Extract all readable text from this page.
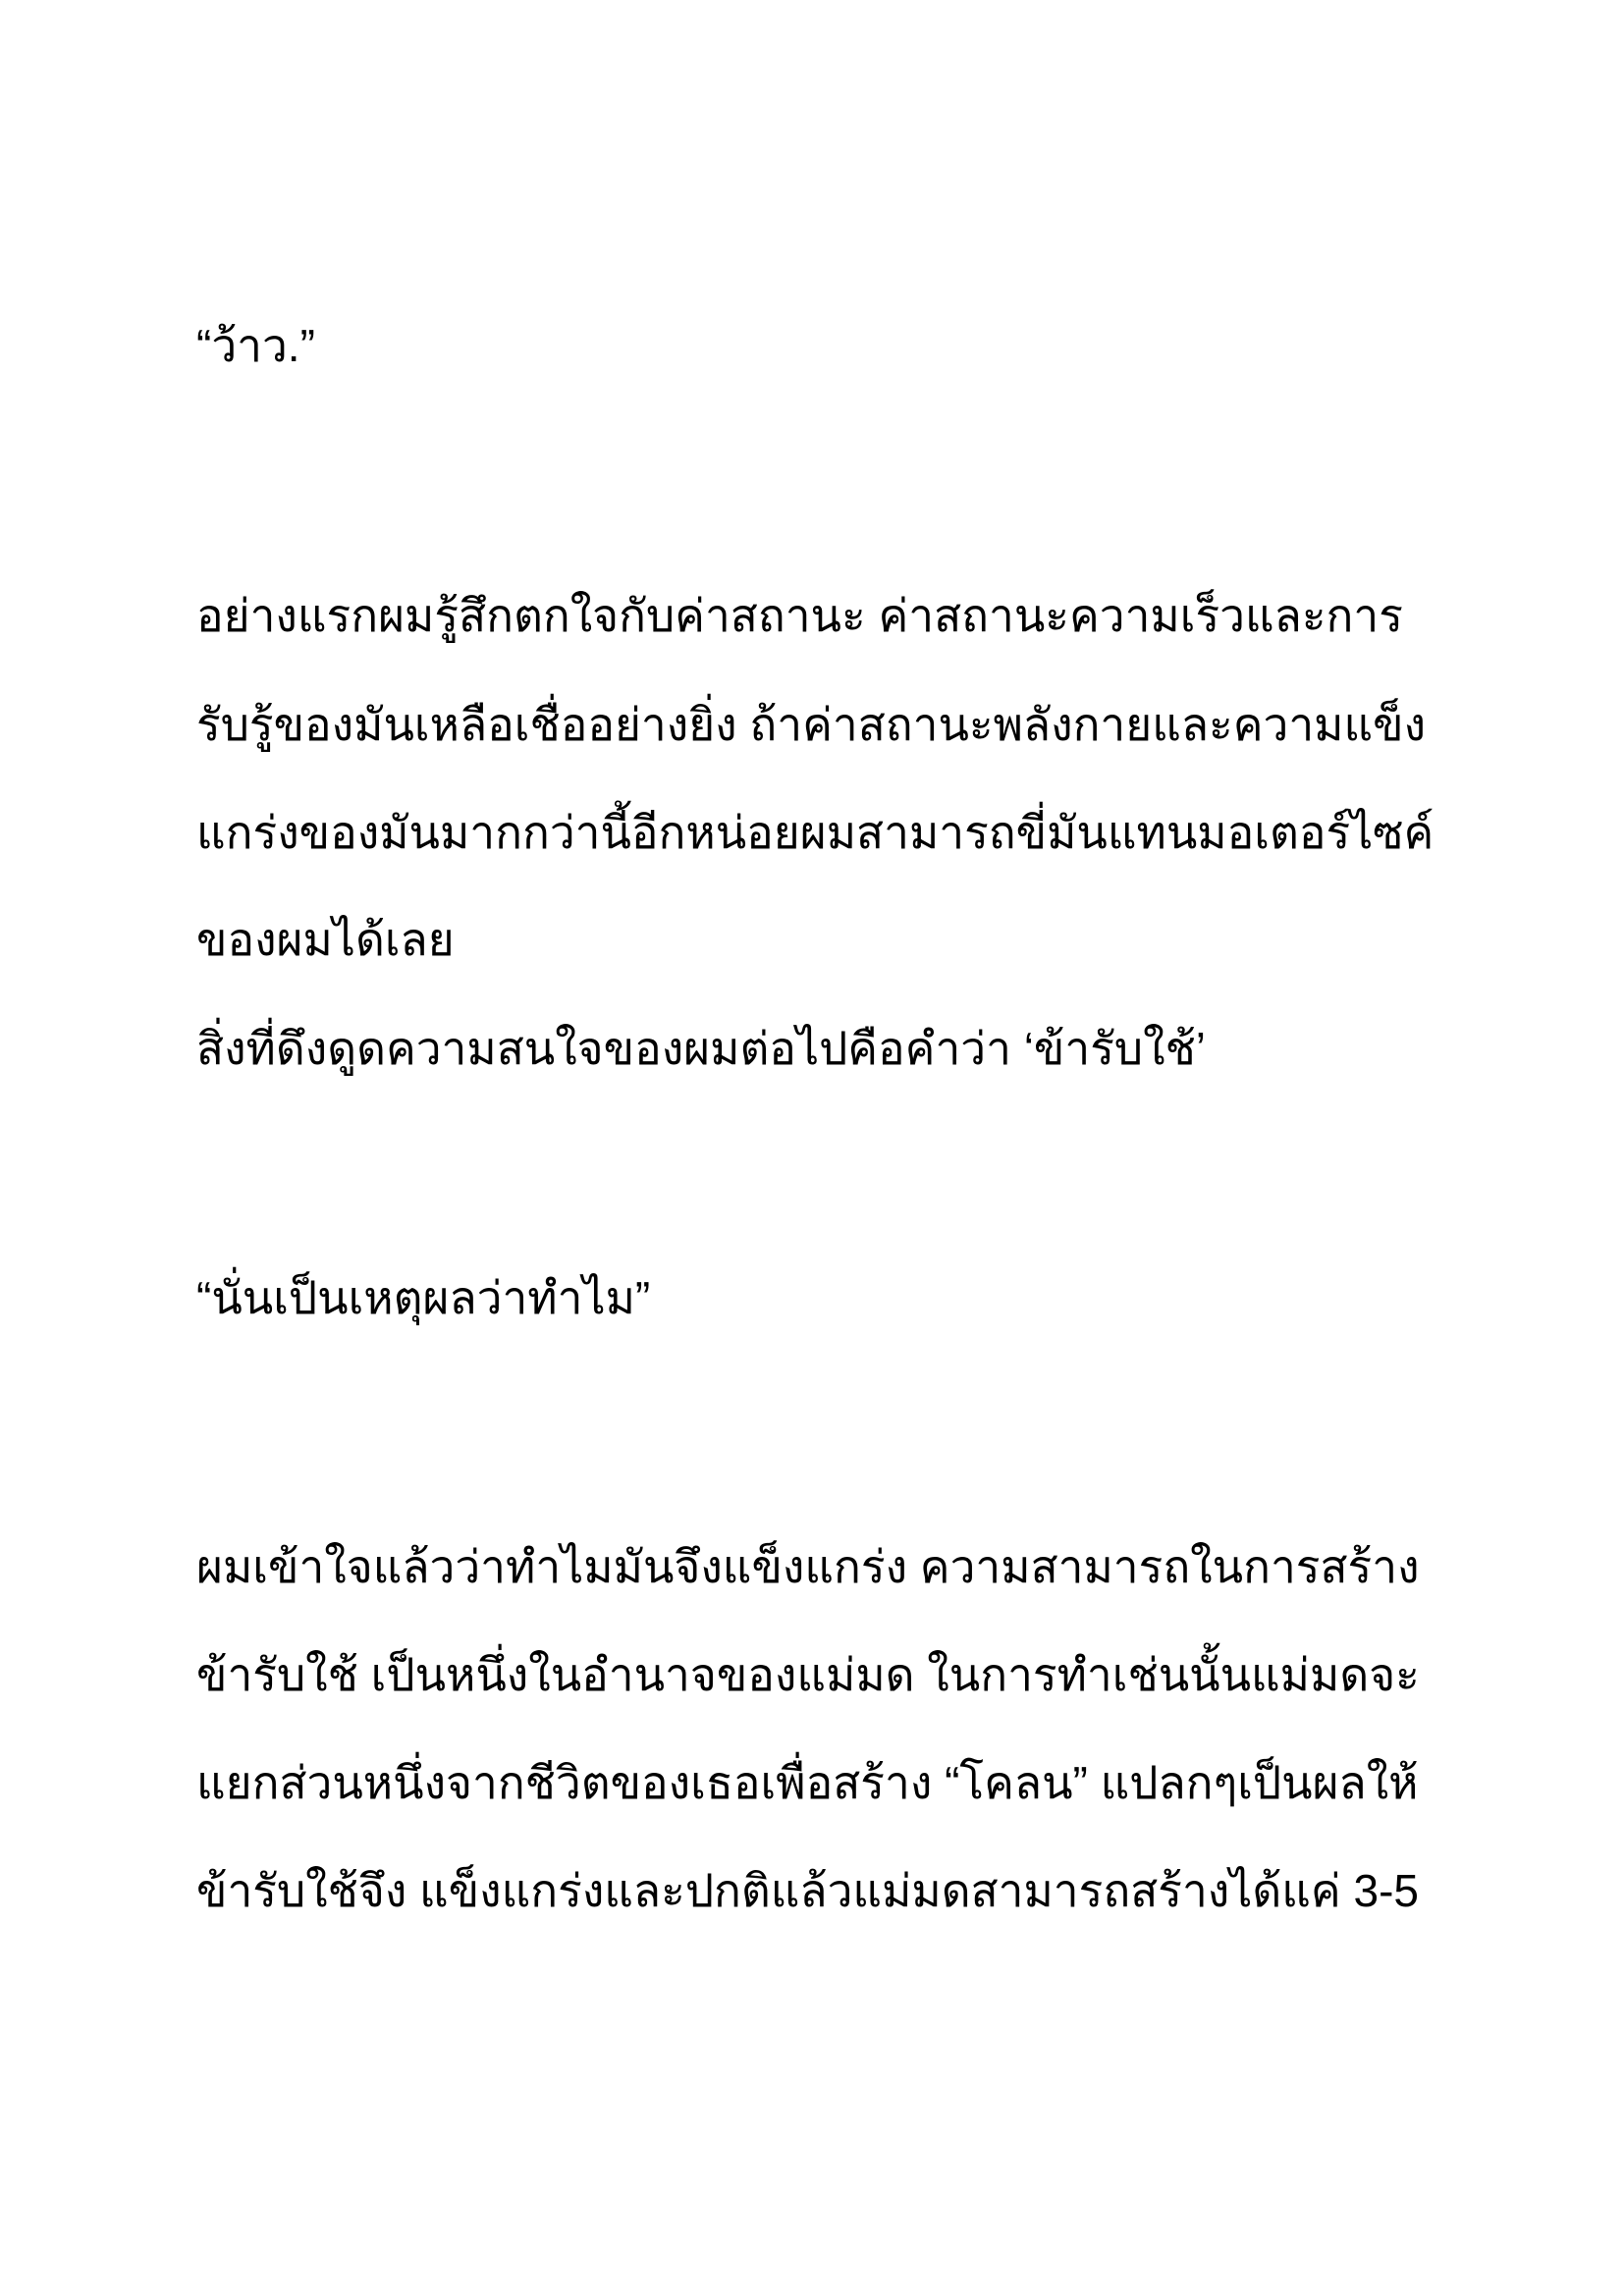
“ว้าว.”
อย่างแรกผมรู้สึกตกใจกับค่าสถานะ ค่าสถานะความเร็วและการ
รับรู้ของมันเหลือเชื่ออย่างยิ่ง ถ้าค่าสถานะพลังกายและความแข็ง
แกร่งของมันมากกว่านี้อีกหน่อยผมสามารถขี่มันแทนมอเตอร์ไซค์
ของผมได้เลย
สิ่งที่ดึงดูดความสนใจของผมต่อไปคือคำว่า ‘ข้ารับใช้’
“นั่นเป็นเหตุผลว่าทำไม”
ผมเข้าใจแล้วว่าทำไมมันจึงแข็งแกร่ง ความสามารถในการสร้าง
ข้ารับใช้ เป็นหนึ่งในอำนาจของแม่มด ในการทำเช่นนั้นแม่มดจะ
แยกส่วนหนึ่งจากชีวิตของเธอเพื่อสร้าง “โคลน” แปลกๆเป็นผลให้
ข้ารับใช้จึง แข็งแกร่งและปกติแล้วแม่มดสามารถสร้างได้แค่ 3-5
